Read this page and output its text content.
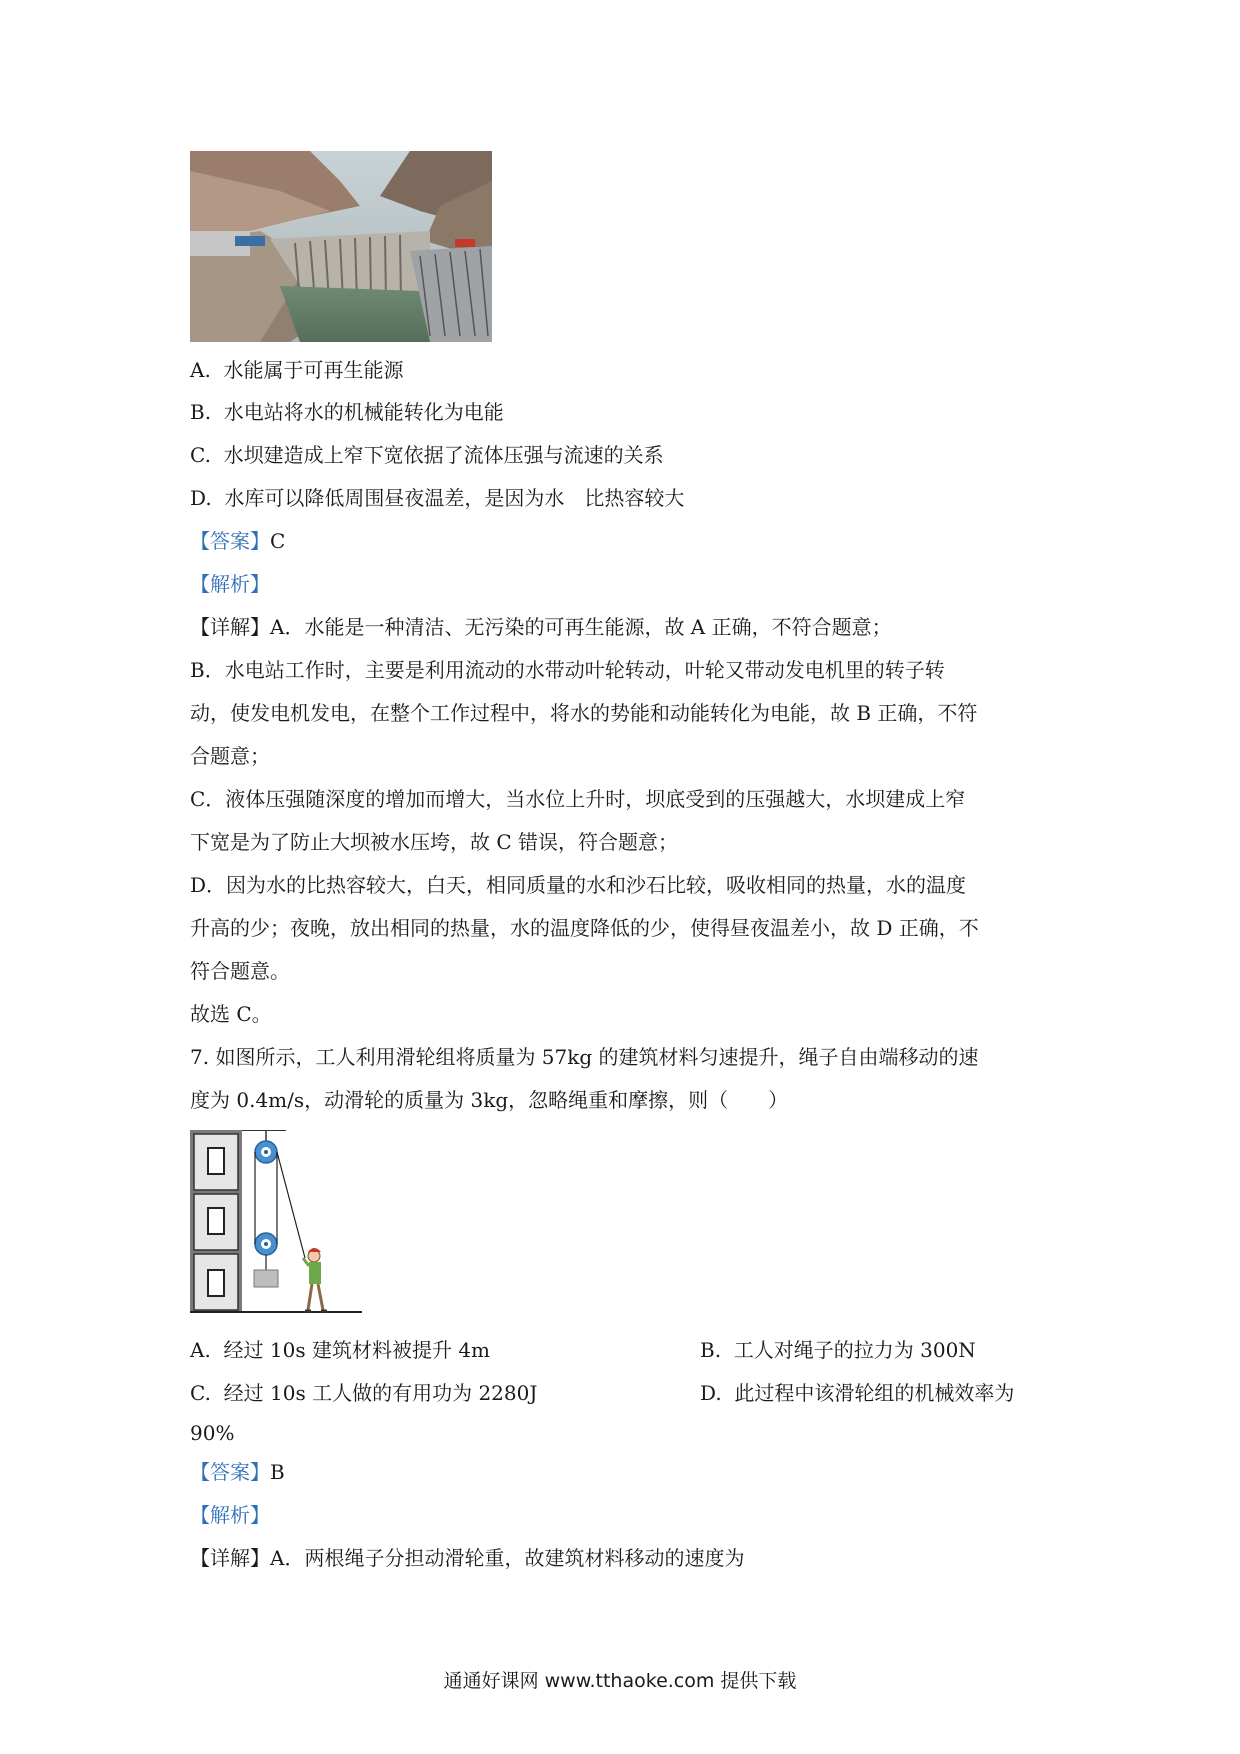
A. 水能属于可再生能源
B. 水电站将水的机械能转化为电能
C. 水坝建造成上窄下宽依据了流体压强与流速的关系
D. 水库可以降低周围昼夜温差，是因为水　比热容较大
【答案】C
【解析】
【详解】A．水能是一种清洁、无污染的可再生能源，故 A 正确，不符合题意；
B．水电站工作时，主要是利用流动的水带动叶轮转动，叶轮又带动发电机里的转子转
动，使发电机发电，在整个工作过程中，将水的势能和动能转化为电能，故 B 正确，不符
合题意；
C．液体压强随深度的增加而增大，当水位上升时，坝底受到的压强越大，水坝建成上窄
下宽是为了防止大坝被水压垮，故 C 错误，符合题意；
D．因为水的比热容较大，白天，相同质量的水和沙石比较，吸收相同的热量，水的温度
升高的少；夜晚，放出相同的热量，水的温度降低的少，使得昼夜温差小，故 D 正确，不
符合题意。
故选 C。
7. 如图所示，工人利用滑轮组将质量为 57kg 的建筑材料匀速提升，绳子自由端移动的速
度为 0.4m/s，动滑轮的质量为 3kg，忽略绳重和摩擦，则（　　）
A. 经过 10s 建筑材料被提升 4m	B. 工人对绳子的拉力为 300N
C. 经过 10s 工人做的有用功为 2280J	D. 此过程中该滑轮组的机械效率为
90%
【答案】B
【解析】
【详解】A．两根绳子分担动滑轮重，故建筑材料移动的速度为
通通好课网 www.tthaoke.com 提供下载
